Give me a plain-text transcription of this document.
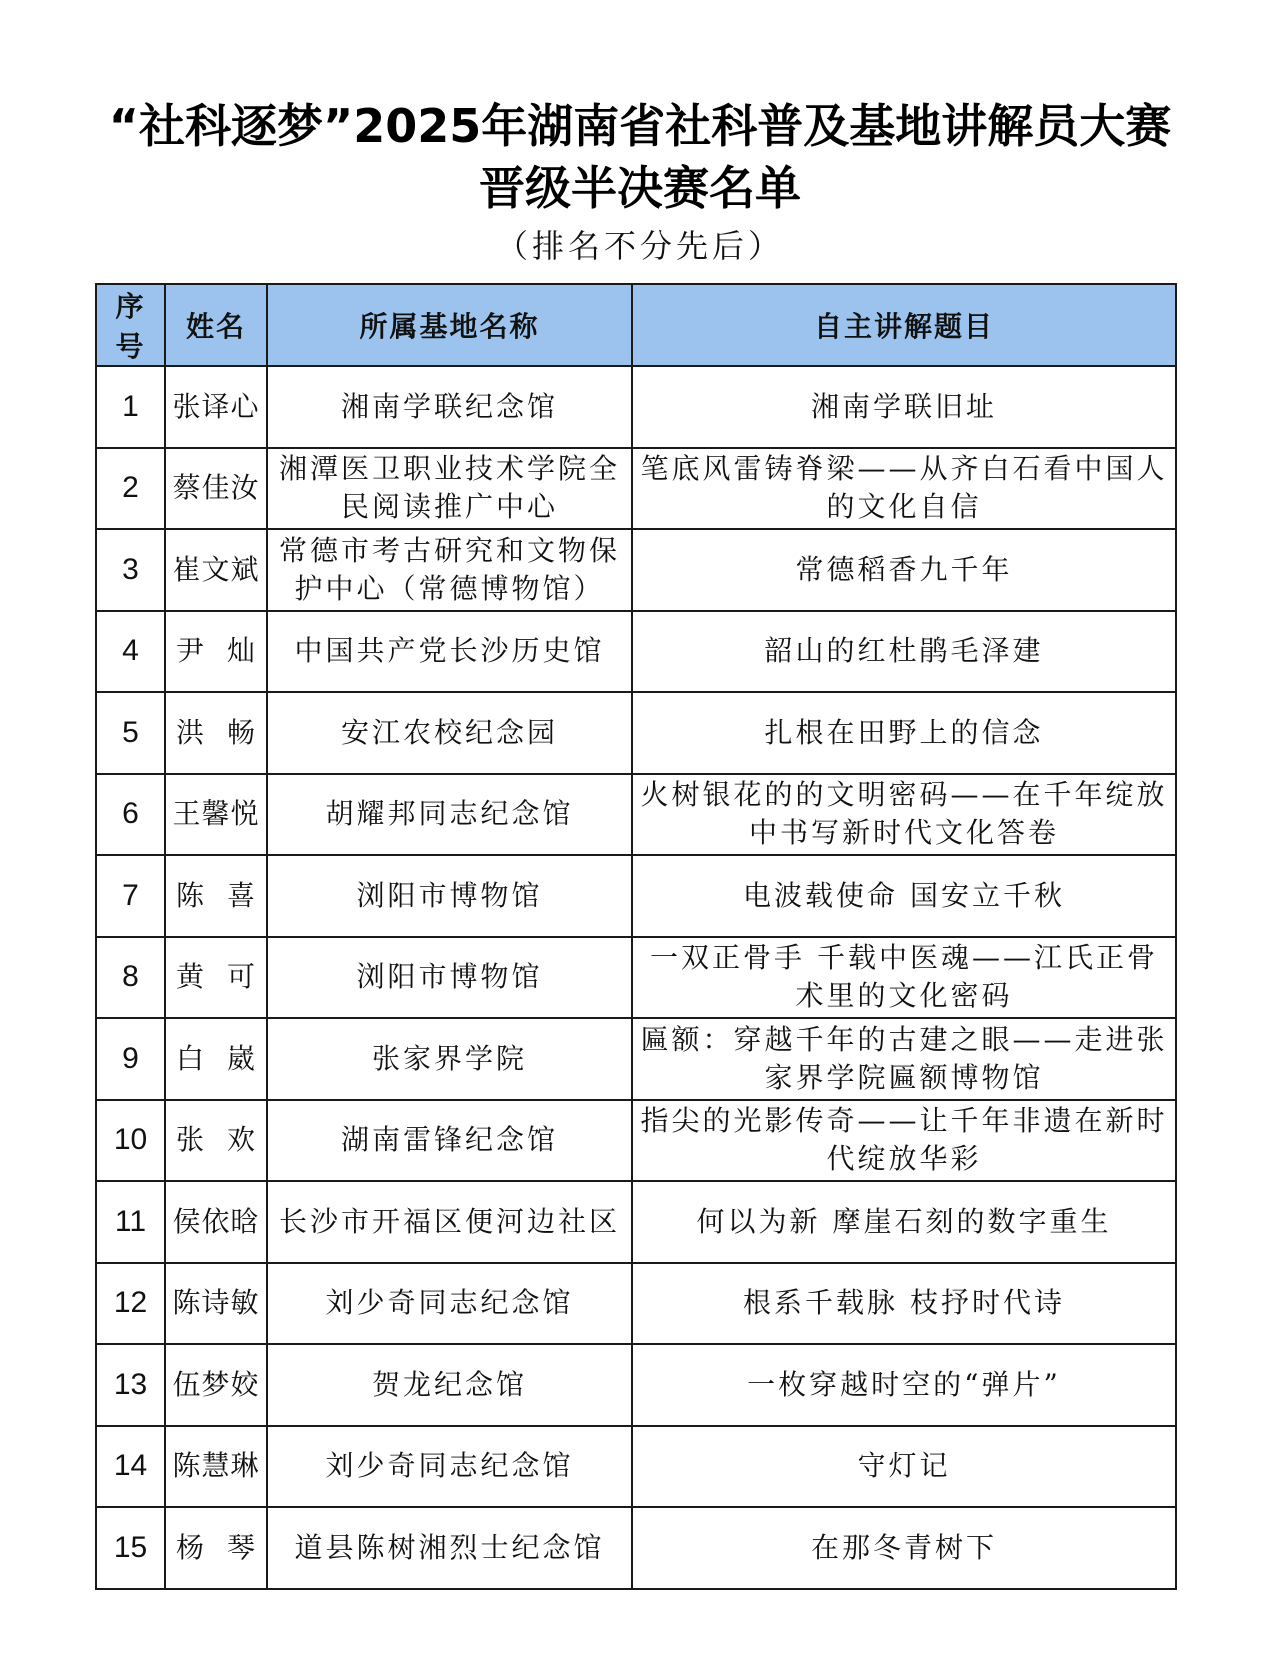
“社科逐梦”2025年湖南省社科普及基地讲解员大赛
晋级半决赛名单
（排名不分先后）
序号	姓名	所属基地名称	自主讲解题目
1	张译心	湘南学联纪念馆	湘南学联旧址
2	蔡佳汝	湘潭医卫职业技术学院全民阅读推广中心	笔底风雷铸脊梁——从齐白石看中国人的文化自信
3	崔文斌	常德市考古研究和文物保护中心（常德博物馆）	常德稻香九千年
4	尹 灿	中国共产党长沙历史馆	韶山的红杜鹃毛泽建
5	洪 畅	安江农校纪念园	扎根在田野上的信念
6	王馨悦	胡耀邦同志纪念馆	火树银花的的文明密码——在千年绽放中书写新时代文化答卷
7	陈 喜	浏阳市博物馆	电波载使命 国安立千秋
8	黄 可	浏阳市博物馆	一双正骨手 千载中医魂——江氏正骨术里的文化密码
9	白 崴	张家界学院	匾额：穿越千年的古建之眼——走进张家界学院匾额博物馆
10	张 欢	湖南雷锋纪念馆	指尖的光影传奇——让千年非遗在新时代绽放华彩
11	侯依晗	长沙市开福区便河边社区	何以为新 摩崖石刻的数字重生
12	陈诗敏	刘少奇同志纪念馆	根系千载脉 枝抒时代诗
13	伍梦姣	贺龙纪念馆	一枚穿越时空的“弹片”
14	陈慧琳	刘少奇同志纪念馆	守灯记
15	杨 琴	道县陈树湘烈士纪念馆	在那冬青树下
